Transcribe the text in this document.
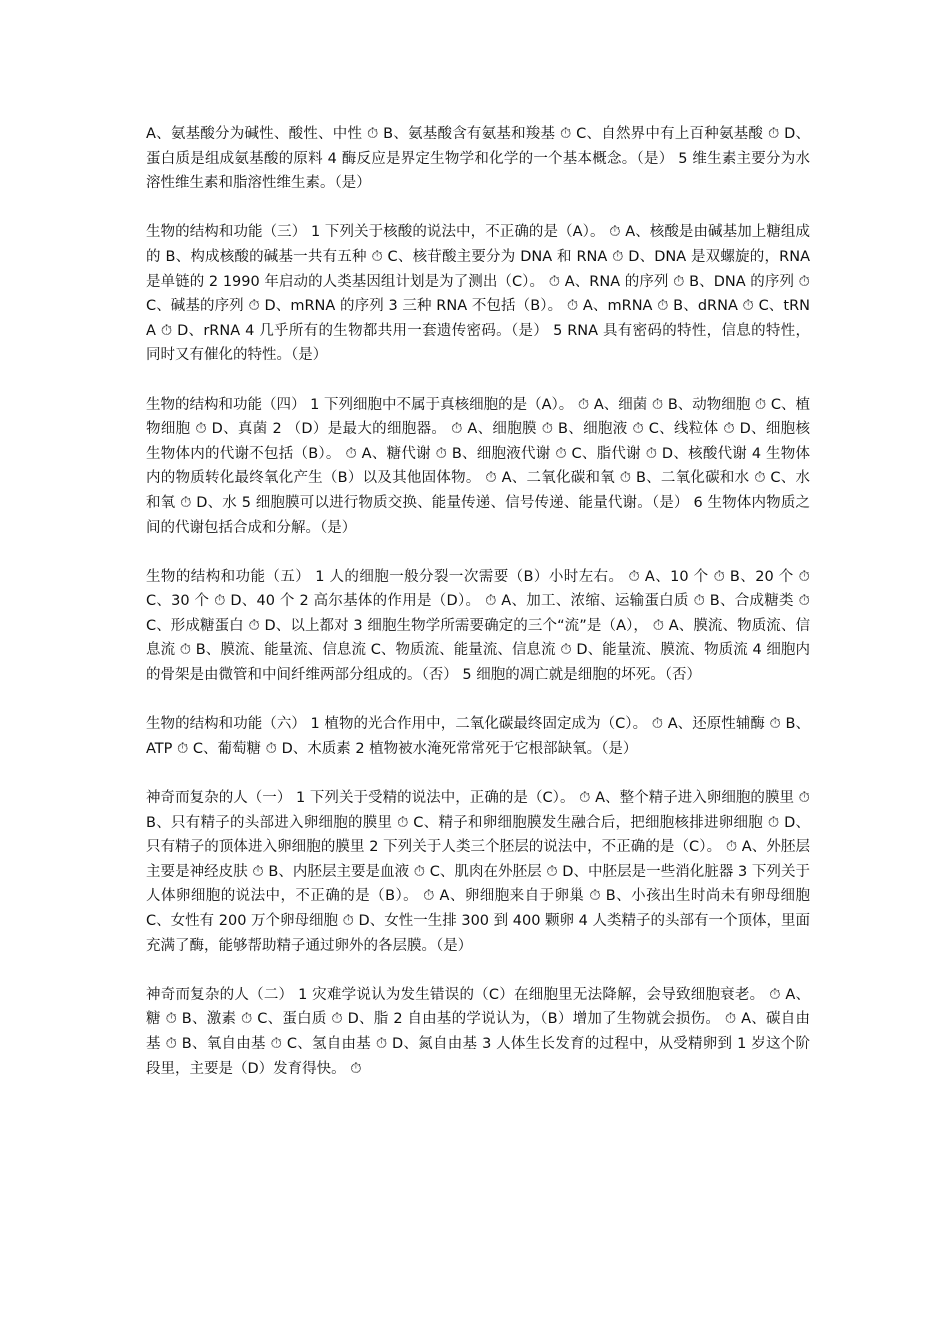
A、氨基酸分为碱性、酸性、中性 ⏱ B、氨基酸含有氨基和羧基 ⏱ C、自然界中有上百种氨基酸 ⏱ D、蛋白质是组成氨基酸的原料 4 酶反应是界定生物学和化学的一个基本概念。（是） 5 维生素主要分为水溶性维生素和脂溶性维生素。（是）

生物的结构和功能（三） 1 下列关于核酸的说法中，不正确的是（A）。 ⏱ A、核酸是由碱基加上糖组成的 B、构成核酸的碱基一共有五种 ⏱ C、核苷酸主要分为 DNA 和 RNA ⏱ D、DNA 是双螺旋的，RNA 是单链的 2 1990 年启动的人类基因组计划是为了测出（C）。 ⏱ A、RNA 的序列 ⏱ B、DNA 的序列 ⏱ C、碱基的序列 ⏱ D、mRNA 的序列 3 三种 RNA 不包括（B）。 ⏱ A、mRNA ⏱ B、dRNA ⏱ C、tRNA ⏱ D、rRNA 4 几乎所有的生物都共用一套遗传密码。（是） 5 RNA 具有密码的特性，信息的特性，同时又有催化的特性。（是）

生物的结构和功能（四） 1 下列细胞中不属于真核细胞的是（A）。 ⏱ A、细菌 ⏱ B、动物细胞 ⏱ C、植物细胞 ⏱ D、真菌 2 （D）是最大的细胞器。 ⏱ A、细胞膜 ⏱ B、细胞液 ⏱ C、线粒体 ⏱ D、细胞核 生物体内的代谢不包括（B）。 ⏱ A、糖代谢 ⏱ B、细胞液代谢 ⏱ C、脂代谢 ⏱ D、核酸代谢 4 生物体内的物质转化最终氧化产生（B）以及其他固体物。 ⏱ A、二氧化碳和氧 ⏱ B、二氧化碳和水 ⏱ C、水和氧 ⏱ D、水 5 细胞膜可以进行物质交换、能量传递、信号传递、能量代谢。（是） 6 生物体内物质之间的代谢包括合成和分解。（是）

生物的结构和功能（五） 1 人的细胞一般分裂一次需要（B）小时左右。 ⏱ A、10 个 ⏱ B、20 个 ⏱ C、30 个 ⏱ D、40 个 2 高尔基体的作用是（D）。 ⏱ A、加工、浓缩、运输蛋白质 ⏱ B、合成糖类 ⏱ C、形成糖蛋白 ⏱ D、以上都对 3 细胞生物学所需要确定的三个“流”是（A）， ⏱ A、膜流、物质流、信息流 ⏱ B、膜流、能量流、信息流 C、物质流、能量流、信息流 ⏱ D、能量流、膜流、物质流 4 细胞内的骨架是由微管和中间纤维两部分组成的。（否） 5 细胞的凋亡就是细胞的坏死。（否）

生物的结构和功能（六） 1 植物的光合作用中，二氧化碳最终固定成为（C）。 ⏱ A、还原性辅酶 ⏱ B、ATP ⏱ C、葡萄糖 ⏱ D、木质素 2 植物被水淹死常常死于它根部缺氧。（是）

神奇而复杂的人（一） 1 下列关于受精的说法中，正确的是（C）。 ⏱ A、整个精子进入卵细胞的膜里 ⏱ B、只有精子的头部进入卵细胞的膜里 ⏱ C、精子和卵细胞膜发生融合后，把细胞核排进卵细胞 ⏱ D、只有精子的顶体进入卵细胞的膜里 2 下列关于人类三个胚层的说法中，不正确的是（C）。 ⏱ A、外胚层主要是神经皮肤 ⏱ B、内胚层主要是血液 ⏱ C、肌肉在外胚层 ⏱ D、中胚层是一些消化脏器 3 下列关于人体卵细胞的说法中，不正确的是（B）。 ⏱ A、卵细胞来自于卵巢 ⏱ B、小孩出生时尚未有卵母细胞 C、女性有 200 万个卵母细胞 ⏱ D、女性一生排 300 到 400 颗卵 4 人类精子的头部有一个顶体，里面充满了酶，能够帮助精子通过卵外的各层膜。（是）

神奇而复杂的人（二） 1 灾难学说认为发生错误的（C）在细胞里无法降解，会导致细胞衰老。 ⏱ A、糖 ⏱ B、激素 ⏱ C、蛋白质 ⏱ D、脂 2 自由基的学说认为，（B）增加了生物就会损伤。 ⏱ A、碳自由基 ⏱ B、氧自由基 ⏱ C、氢自由基 ⏱ D、氮自由基 3 人体生长发育的过程中，从受精卵到 1 岁这个阶段里，主要是（D）发育得快。 ⏱
